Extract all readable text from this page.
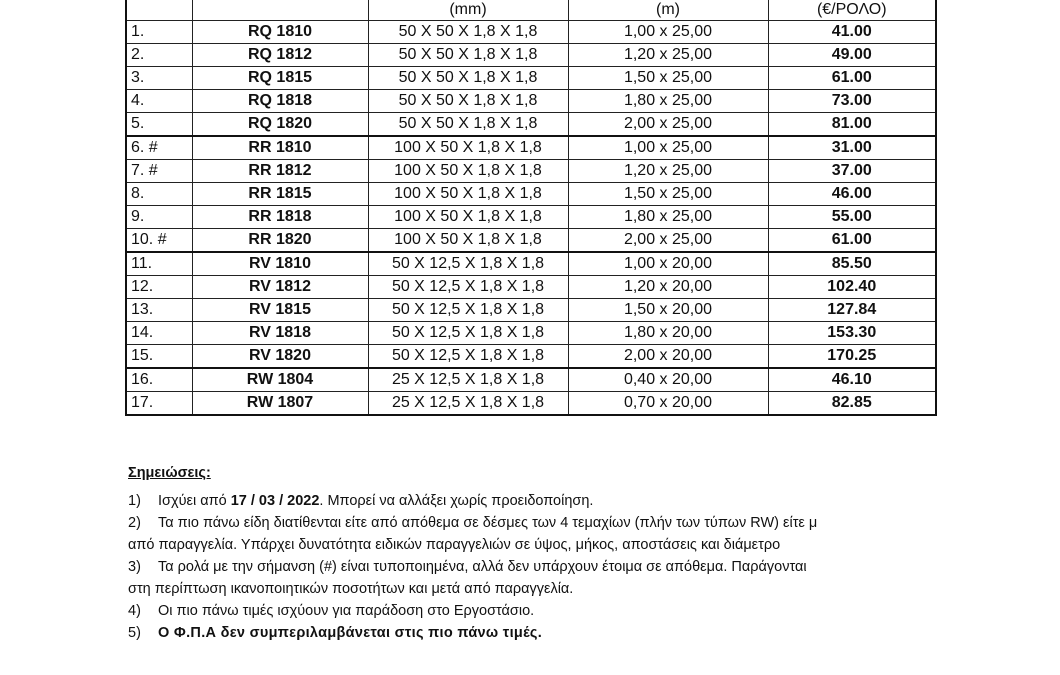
		(mm)	(m)	(€/ΡΟΛΟ)
1.	RQ 1810	50 X 50 X 1,8 X 1,8	1,00 x 25,00	41.00
2.	RQ 1812	50 X 50 X 1,8 X 1,8	1,20 x 25,00	49.00
3.	RQ 1815	50 X 50 X 1,8 X 1,8	1,50 x 25,00	61.00
4.	RQ 1818	50 X 50 X 1,8 X 1,8	1,80 x 25,00	73.00
5.	RQ 1820	50 X 50 X 1,8 X 1,8	2,00 x 25,00	81.00
6. #	RR 1810	100 X 50 X 1,8 X 1,8	1,00 x 25,00	31.00
7. #	RR 1812	100 X 50 X 1,8 X 1,8	1,20 x 25,00	37.00
8.	RR 1815	100 X 50 X 1,8 X 1,8	1,50 x 25,00	46.00
9.	RR 1818	100 X 50 X 1,8 X 1,8	1,80 x 25,00	55.00
10. #	RR 1820	100 X 50 X 1,8 X 1,8	2,00 x 25,00	61.00
11.	RV 1810	50 X 12,5 X 1,8 X 1,8	1,00 x 20,00	85.50
12.	RV 1812	50 X 12,5 X 1,8 X 1,8	1,20 x 20,00	102.40
13.	RV 1815	50 X 12,5 X 1,8 X 1,8	1,50 x 20,00	127.84
14.	RV 1818	50 X 12,5 X 1,8 X 1,8	1,80 x 20,00	153.30
15.	RV 1820	50 X 12,5 X 1,8 X 1,8	2,00 x 20,00	170.25
16.	RW 1804	25 X 12,5 X 1,8 X 1,8	0,40 x 20,00	46.10
17.	RW 1807	25 X 12,5 X 1,8 X 1,8	0,70 x 20,00	82.85
Σημειώσεις:
1)	Ισχύει από 17 / 03 / 2022. Μπορεί να αλλάξει χωρίς προειδοποίηση.
2)	Τα πιο πάνω είδη διατίθενται είτε από απόθεμα σε δέσμες των 4 τεμαχίων (πλήν των τύπων RW) είτε μ
από παραγγελία. Υπάρχει δυνατότητα ειδικών παραγγελιών σε ύψος, μήκος, αποστάσεις και διάμετρο
3)	Τα ρολά με την σήμανση (#) είναι τυποποιημένα, αλλά δεν υπάρχουν έτοιμα σε απόθεμα. Παράγονται
στη περίπτωση ικανοποιητικών ποσοτήτων και μετά από παραγγελία.
4)	Οι πιο πάνω τιμές ισχύουν για παράδοση στο Εργοστάσιο.
5)	Ο Φ.Π.Α δεν συμπεριλαμβάνεται στις πιο πάνω τιμές.
